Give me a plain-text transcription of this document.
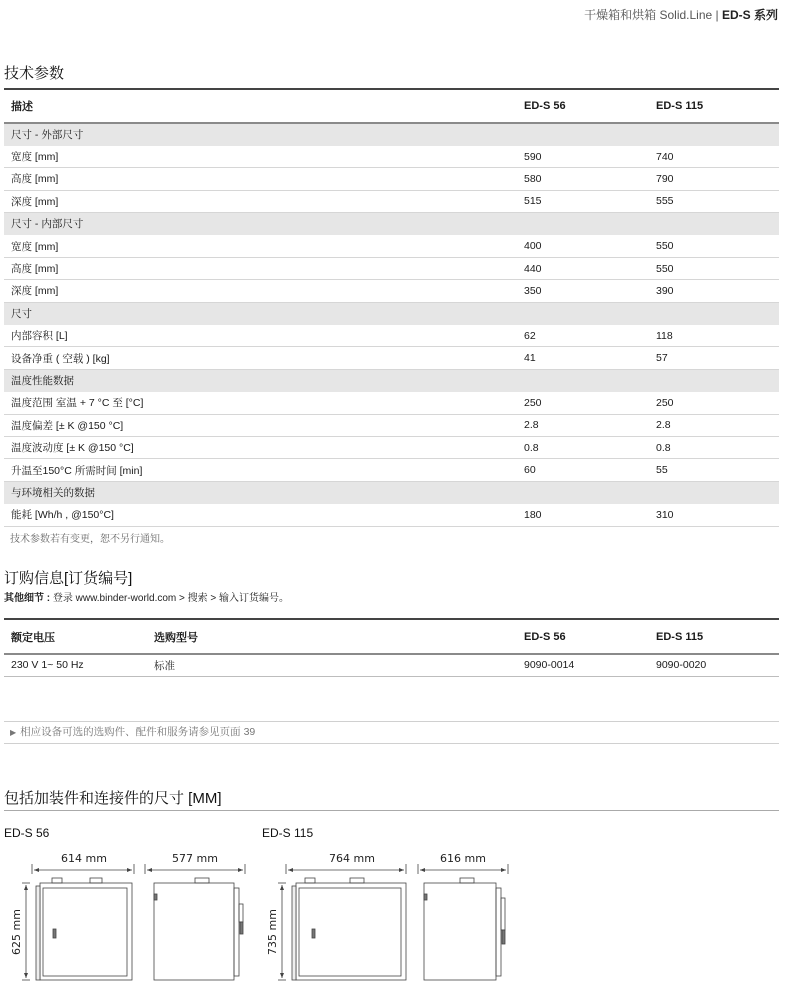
干燥箱和烘箱 Solid.Line | ED-S 系列
技术参数
描述	ED-S 56	ED-S 115
尺寸 - 外部尺寸		
宽度 [mm]	590	740
高度 [mm]	580	790
深度 [mm]	515	555
尺寸 - 内部尺寸		
宽度 [mm]	400	550
高度 [mm]	440	550
深度 [mm]	350	390
尺寸		
内部容积 [L]	62	118
设备净重 ( 空载 ) [kg]	41	57
温度性能数据		
温度范围 室温 + 7 °C 至 [°C]	250	250
温度偏差 [± K @150 °C]	2.8	2.8
温度波动度 [± K @150 °C]	0.8	0.8
升温至150°C 所需时间 [min]	60	55
与环境相关的数据		
能耗 [Wh/h , @150°C]	180	310
技术参数若有变更，恕不另行通知。
订购信息[订货编号]
其他细节 : 登录 www.binder-world.com > 搜索 > 输入订货编号。
额定电压	选购型号	ED-S 56	ED-S 115
230 V 1~ 50 Hz	标准	9090-0014	9090-0020
▶ 相应设备可选的选购件、配件和服务请参见页面 39
包括加装件和连接件的尺寸 [MM]
ED-S 56	ED-S 115
614 mm	577 mm
625 mm
764 mm	616 mm
735 mm
